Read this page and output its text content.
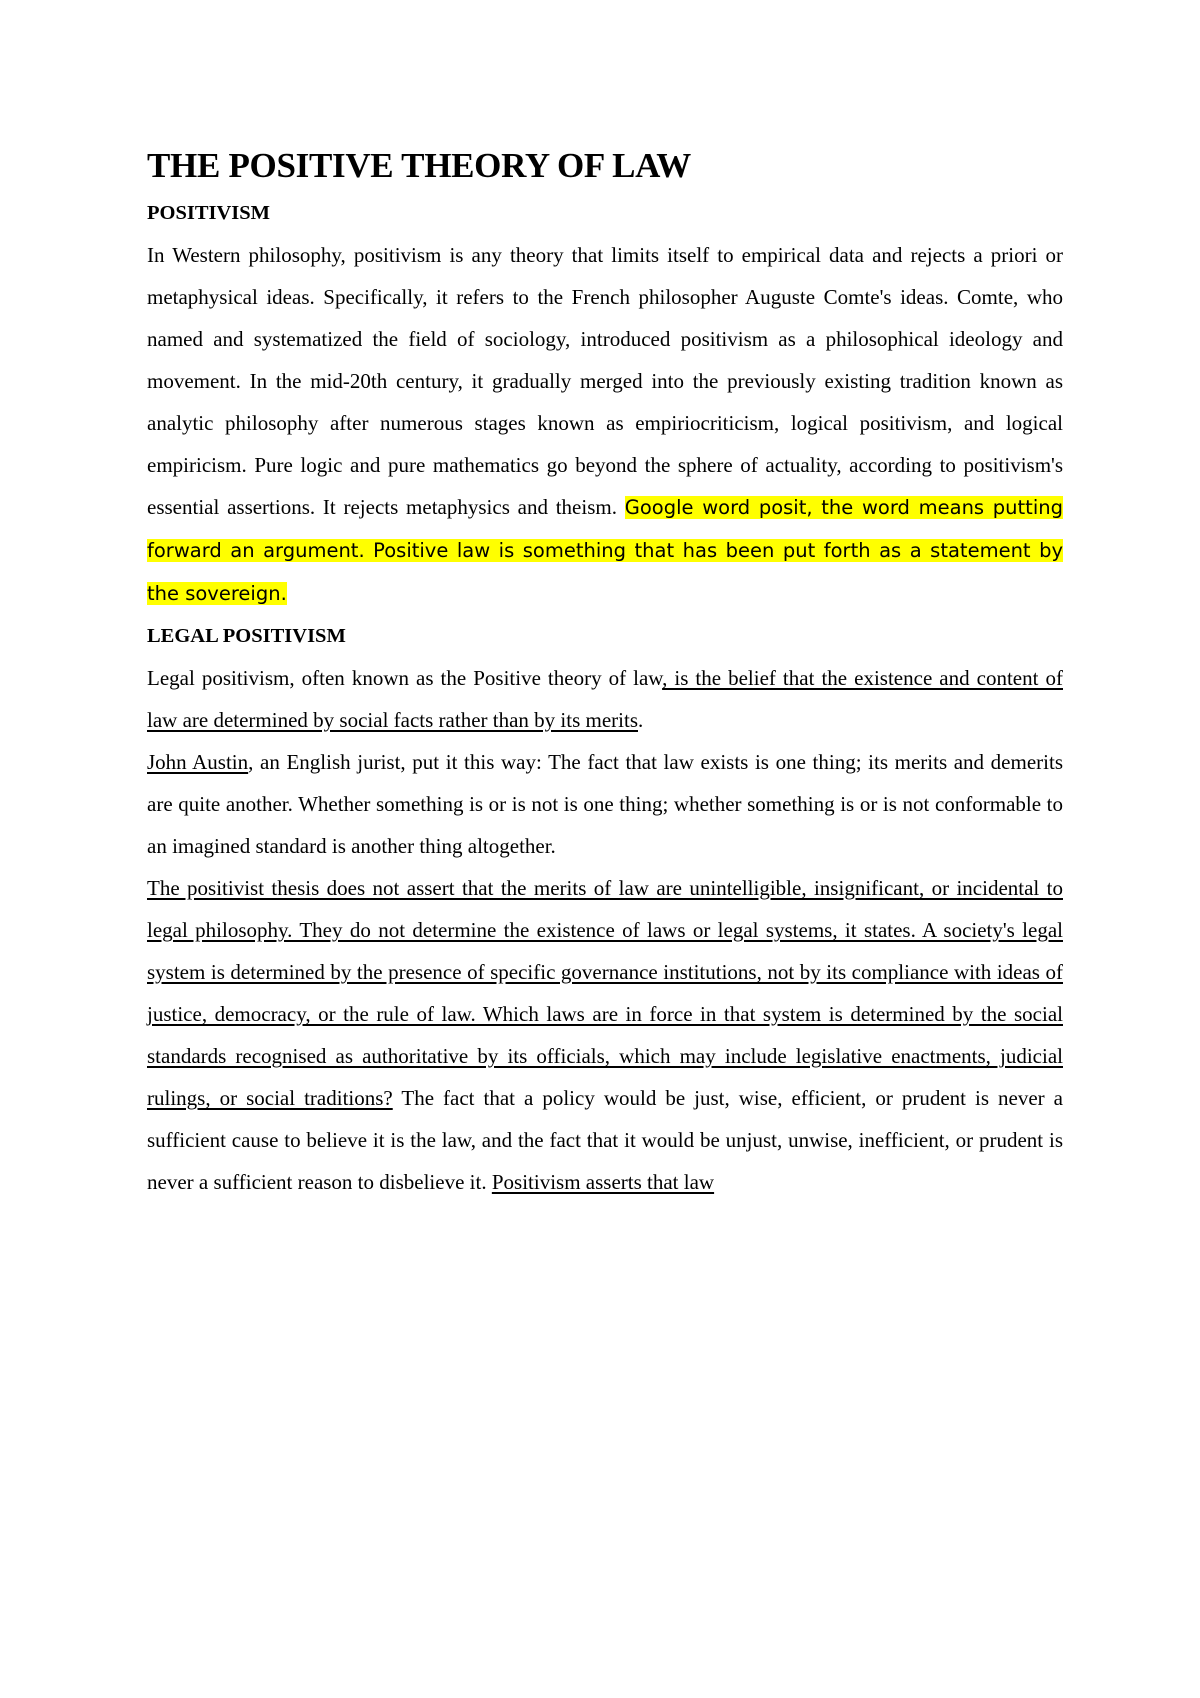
THE POSITIVE THEORY OF LAW
POSITIVISM

In Western philosophy, positivism is any theory that limits itself to empirical data and rejects a priori or metaphysical ideas. Specifically, it refers to the French philosopher Auguste Comte's ideas. Comte, who named and systematized the field of sociology, introduced positivism as a philosophical ideology and movement. In the mid-20th century, it gradually merged into the previously existing tradition known as analytic philosophy after numerous stages known as empiriocriticism, logical positivism, and logical empiricism. Pure logic and pure mathematics go beyond the sphere of actuality, according to positivism's essential assertions. It rejects metaphysics and theism. Google word posit, the word means putting forward an argument. Positive law is something that has been put forth as a statement by the sovereign.

LEGAL POSITIVISM

Legal positivism, often known as the Positive theory of law, is the belief that the existence and content of law are determined by social facts rather than by its merits.

John Austin, an English jurist, put it this way: The fact that law exists is one thing; its merits and demerits are quite another. Whether something is or is not is one thing; whether something is or is not conformable to an imagined standard is another thing altogether.

The positivist thesis does not assert that the merits of law are unintelligible, insignificant, or incidental to legal philosophy. They do not determine the existence of laws or legal systems, it states. A society's legal system is determined by the presence of specific governance institutions, not by its compliance with ideas of justice, democracy, or the rule of law. Which laws are in force in that system is determined by the social standards recognised as authoritative by its officials, which may include legislative enactments, judicial rulings, or social traditions? The fact that a policy would be just, wise, efficient, or prudent is never a sufficient cause to believe it is the law, and the fact that it would be unjust, unwise, inefficient, or prudent is never a sufficient reason to disbelieve it. Positivism asserts that law
